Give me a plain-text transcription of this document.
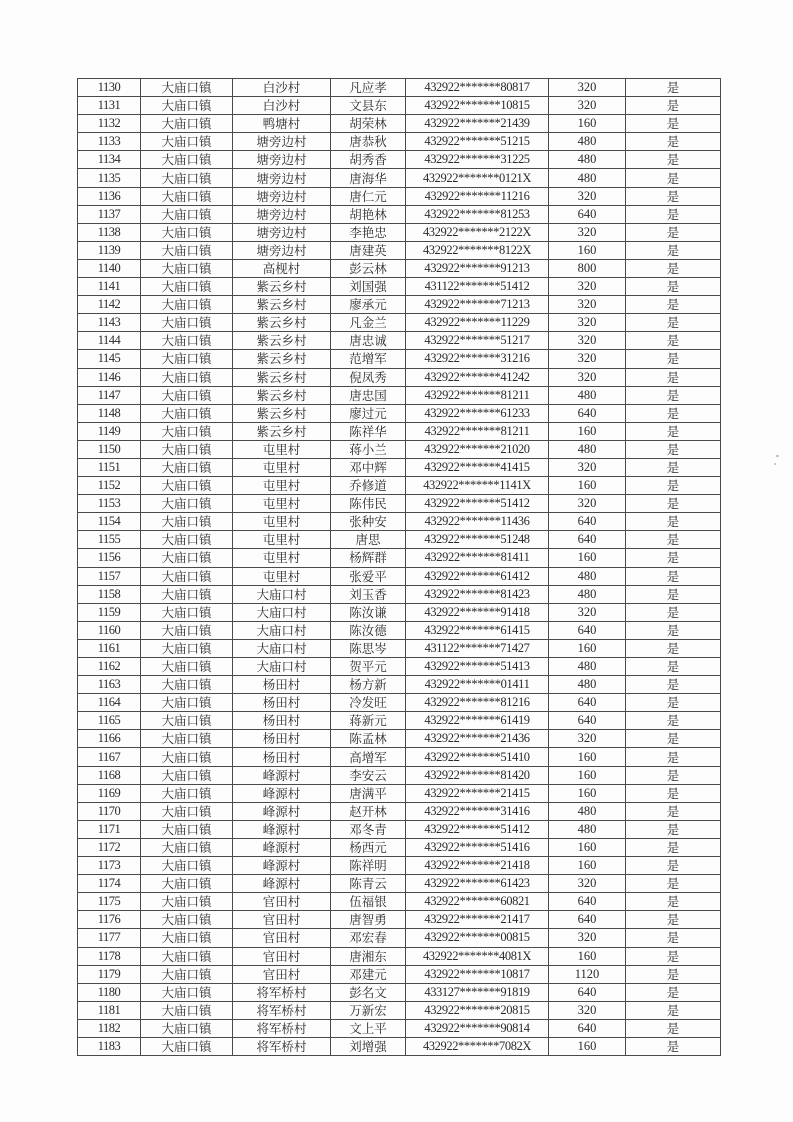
1130	大庙口镇	白沙村	凡应孝	432922*******80817	320	是
1131	大庙口镇	白沙村	文县东	432922*******10815	320	是
1132	大庙口镇	鸭塘村	胡荣林	432922*******21439	160	是
1133	大庙口镇	塘旁边村	唐恭秋	432922*******51215	480	是
1134	大庙口镇	塘旁边村	胡秀香	432922*******31225	480	是
1135	大庙口镇	塘旁边村	唐海华	432922*******0121X	480	是
1136	大庙口镇	塘旁边村	唐仁元	432922*******11216	320	是
1137	大庙口镇	塘旁边村	胡艳林	432922*******81253	640	是
1138	大庙口镇	塘旁边村	李艳忠	432922*******2122X	320	是
1139	大庙口镇	塘旁边村	唐建英	432922*******8122X	160	是
1140	大庙口镇	高枧村	彭云林	432922*******91213	800	是
1141	大庙口镇	紫云乡村	刘国强	431122*******51412	320	是
1142	大庙口镇	紫云乡村	廖承元	432922*******71213	320	是
1143	大庙口镇	紫云乡村	凡金兰	432922*******11229	320	是
1144	大庙口镇	紫云乡村	唐忠诚	432922*******51217	320	是
1145	大庙口镇	紫云乡村	范增军	432922*******31216	320	是
1146	大庙口镇	紫云乡村	倪凤秀	432922*******41242	320	是
1147	大庙口镇	紫云乡村	唐忠国	432922*******81211	480	是
1148	大庙口镇	紫云乡村	廖过元	432922*******61233	640	是
1149	大庙口镇	紫云乡村	陈祥华	432922*******81211	160	是
1150	大庙口镇	屯里村	蒋小兰	432922*******21020	480	是
1151	大庙口镇	屯里村	邓中辉	432922*******41415	320	是
1152	大庙口镇	屯里村	乔修道	432922*******1141X	160	是
1153	大庙口镇	屯里村	陈伟民	432922*******51412	320	是
1154	大庙口镇	屯里村	张种安	432922*******11436	640	是
1155	大庙口镇	屯里村	唐思	432922*******51248	640	是
1156	大庙口镇	屯里村	杨辉群	432922*******81411	160	是
1157	大庙口镇	屯里村	张爱平	432922*******61412	480	是
1158	大庙口镇	大庙口村	刘玉香	432922*******81423	480	是
1159	大庙口镇	大庙口村	陈汝谦	432922*******91418	320	是
1160	大庙口镇	大庙口村	陈汝德	432922*******61415	640	是
1161	大庙口镇	大庙口村	陈思岑	431122*******71427	160	是
1162	大庙口镇	大庙口村	贺平元	432922*******51413	480	是
1163	大庙口镇	杨田村	杨方新	432922*******01411	480	是
1164	大庙口镇	杨田村	冷发旺	432922*******81216	640	是
1165	大庙口镇	杨田村	蒋新元	432922*******61419	640	是
1166	大庙口镇	杨田村	陈孟林	432922*******21436	320	是
1167	大庙口镇	杨田村	高增军	432922*******51410	160	是
1168	大庙口镇	峰源村	李安云	432922*******81420	160	是
1169	大庙口镇	峰源村	唐满平	432922*******21415	160	是
1170	大庙口镇	峰源村	赵开林	432922*******31416	480	是
1171	大庙口镇	峰源村	邓冬青	432922*******51412	480	是
1172	大庙口镇	峰源村	杨西元	432922*******51416	160	是
1173	大庙口镇	峰源村	陈祥明	432922*******21418	160	是
1174	大庙口镇	峰源村	陈青云	432922*******61423	320	是
1175	大庙口镇	官田村	伍福银	432922*******60821	640	是
1176	大庙口镇	官田村	唐智勇	432922*******21417	640	是
1177	大庙口镇	官田村	邓宏春	432922*******00815	320	是
1178	大庙口镇	官田村	唐湘东	432922*******4081X	160	是
1179	大庙口镇	官田村	邓建元	432922*******10817	1120	是
1180	大庙口镇	将军桥村	彭名文	433127*******91819	640	是
1181	大庙口镇	将军桥村	万新宏	432922*******20815	320	是
1182	大庙口镇	将军桥村	文上平	432922*******90814	640	是
1183	大庙口镇	将军桥村	刘增强	432922*******7082X	160	是
